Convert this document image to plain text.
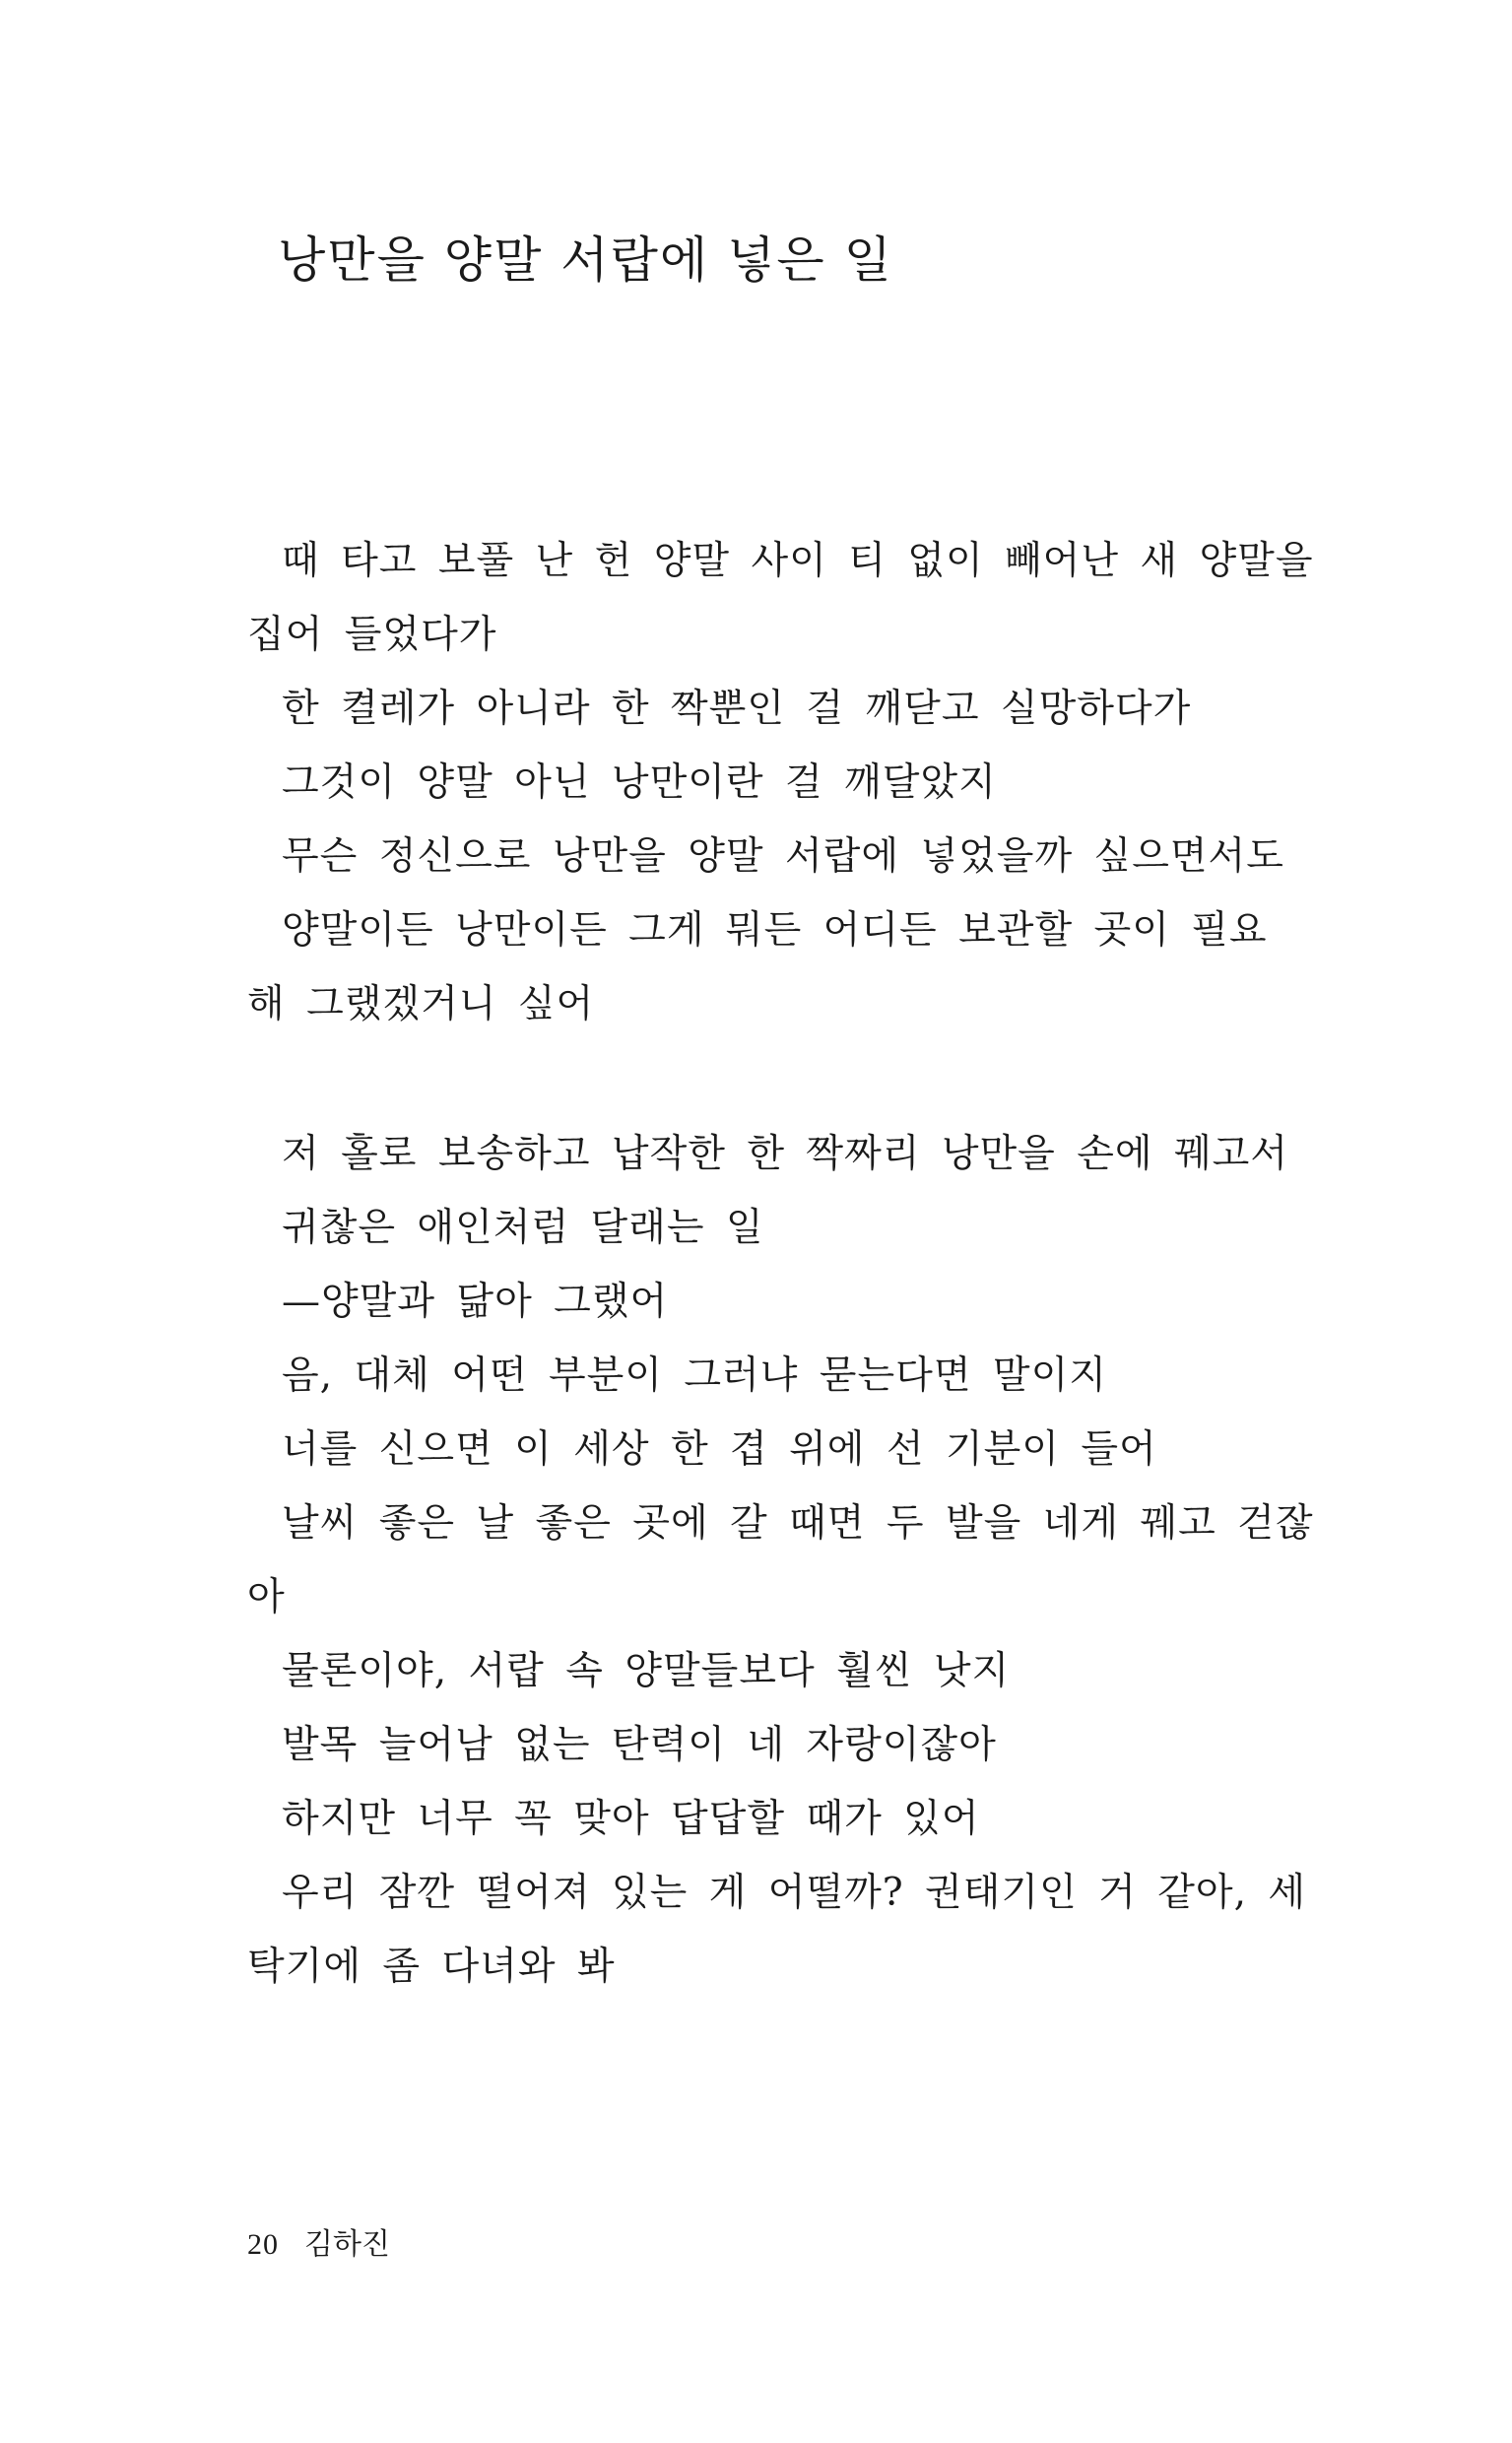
낭만을 양말 서랍에 넣은 일
때 타고 보풀 난 헌 양말 사이 티 없이 빼어난 새 양말을
집어 들었다가
한 켤레가 아니라 한 짝뿐인 걸 깨닫고 실망하다가
그것이 양말 아닌 낭만이란 걸 깨달았지
무슨 정신으로 낭만을 양말 서랍에 넣었을까 싶으면서도
양말이든 낭만이든 그게 뭐든 어디든 보관할 곳이 필요
해 그랬겠거니 싶어
저 홀로 보송하고 납작한 한 짝짜리 낭만을 손에 꿰고서
귀찮은 애인처럼 달래는 일
—양말과 닮아 그랬어
음, 대체 어떤 부분이 그러냐 묻는다면 말이지
너를 신으면 이 세상 한 겹 위에 선 기분이 들어
날씨 좋은 날 좋은 곳에 갈 때면 두 발을 네게 꿰고 걷잖
아
물론이야, 서랍 속 양말들보다 훨씬 낫지
발목 늘어남 없는 탄력이 네 자랑이잖아
하지만 너무 꼭 맞아 답답할 때가 있어
우리 잠깐 떨어져 있는 게 어떨까? 권태기인 거 같아, 세
탁기에 좀 다녀와 봐
20 김하진
